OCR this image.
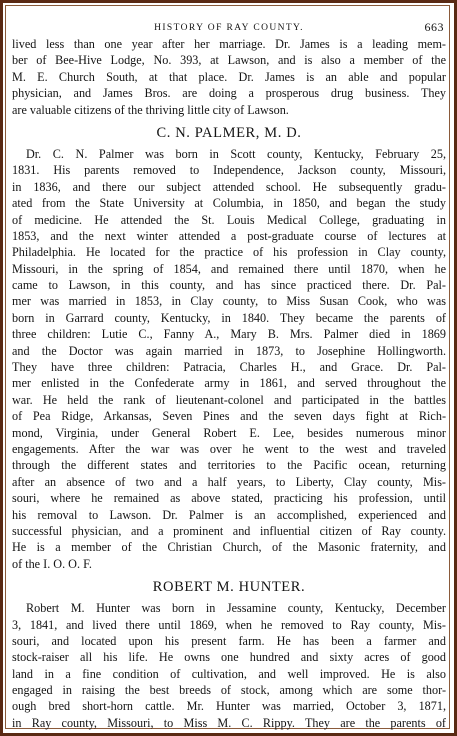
HISTORY OF RAY COUNTY.	663
lived less than one year after her marriage. Dr. James is a leading mem-
ber of Bee-Hive Lodge, No. 393, at Lawson, and is also a member of the
M. E. Church South, at that place. Dr. James is an able and popular
physician, and James Bros. are doing a prosperous drug business. They
are valuable citizens of the thriving little city of Lawson.
C. N. PALMER, M. D.
Dr. C. N. Palmer was born in Scott county, Kentucky, February 25,
1831. His parents removed to Independence, Jackson county, Missouri,
in 1836, and there our subject attended school. He subsequently gradu-
ated from the State University at Columbia, in 1850, and began the study
of medicine. He attended the St. Louis Medical College, graduating in
1853, and the next winter attended a post-graduate course of lectures at
Philadelphia. He located for the practice of his profession in Clay county,
Missouri, in the spring of 1854, and remained there until 1870, when he
came to Lawson, in this county, and has since practiced there. Dr. Pal-
mer was married in 1853, in Clay county, to Miss Susan Cook, who was
born in Garrard county, Kentucky, in 1840. They became the parents of
three children: Lutie C., Fanny A., Mary B. Mrs. Palmer died in 1869
and the Doctor was again married in 1873, to Josephine Hollingworth.
They have three children: Patracia, Charles H., and Grace. Dr. Pal-
mer enlisted in the Confederate army in 1861, and served throughout the
war. He held the rank of lieutenant-colonel and participated in the battles
of Pea Ridge, Arkansas, Seven Pines and the seven days fight at Rich-
mond, Virginia, under General Robert E. Lee, besides numerous minor
engagements. After the war was over he went to the west and traveled
through the different states and territories to the Pacific ocean, returning
after an absence of two and a half years, to Liberty, Clay county, Mis-
souri, where he remained as above stated, practicing his profession, until
his removal to Lawson. Dr. Palmer is an accomplished, experienced and
successful physician, and a prominent and influential citizen of Ray county.
He is a member of the Christian Church, of the Masonic fraternity, and
of the I. O. O. F.
ROBERT M. HUNTER.
Robert M. Hunter was born in Jessamine county, Kentucky, December
3, 1841, and lived there until 1869, when he removed to Ray county, Mis-
souri, and located upon his present farm. He has been a farmer and
stock-raiser all his life. He owns one hundred and sixty acres of good
land in a fine condition of cultivation, and well improved. He is also
engaged in raising the best breeds of stock, among which are some thor-
ough bred short-horn cattle. Mr. Hunter was married, October 3, 1871,
in Ray county, Missouri, to Miss M. C. Rippy. They are the parents of
